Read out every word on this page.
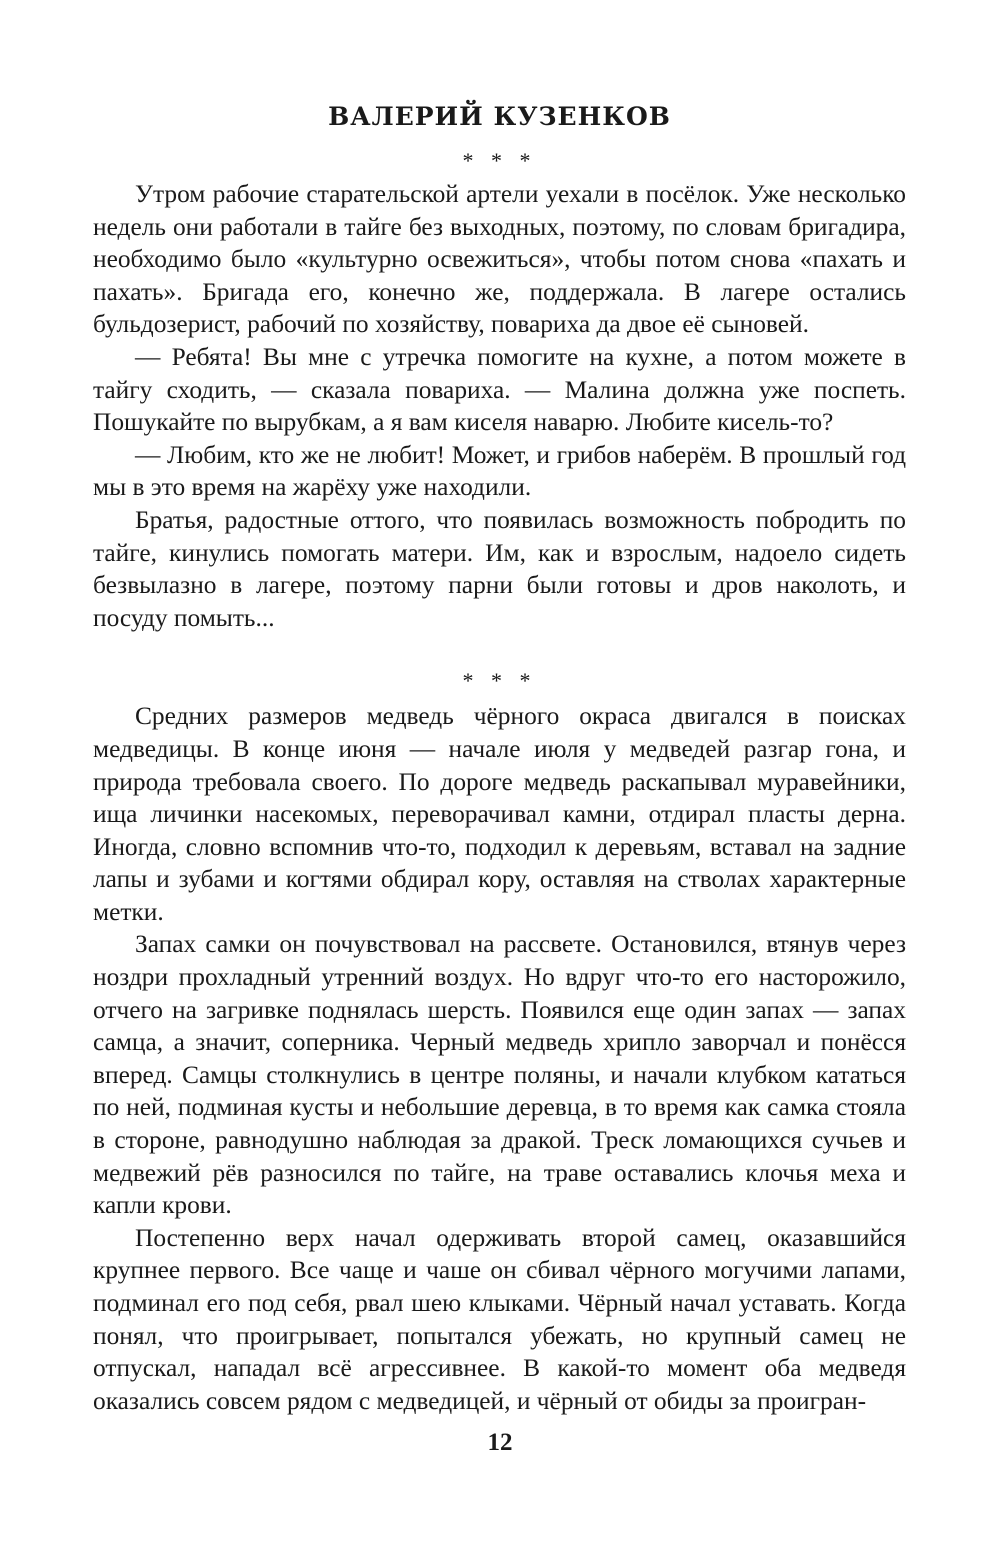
ВАЛЕРИЙ КУЗЕНКОВ
* * *

Утром рабочие старательской артели уехали в посёлок. Уже несколько недель они работали в тайге без выходных, поэтому, по словам бригадира, необходимо было «культурно освежиться», чтобы потом снова «пахать и пахать». Бригада его, конечно же, поддержала. В лагере остались бульдозерист, рабочий по хозяйству, повариха да двое её сыновей.

— Ребята! Вы мне с утречка помогите на кухне, а потом можете в тайгу сходить, — сказала повариха. — Малина должна уже поспеть. Пошукайте по вырубкам, а я вам киселя наварю. Любите кисель-то?

— Любим, кто же не любит! Может, и грибов наберём. В прошлый год мы в это время на жарёху уже находили.

Братья, радостные оттого, что появилась возможность побродить по тайге, кинулись помогать матери. Им, как и взрослым, надоело сидеть безвылазно в лагере, поэтому парни были готовы и дров наколоть, и посуду помыть...

* * *

Средних размеров медведь чёрного окраса двигался в поисках медведицы. В конце июня — начале июля у медведей разгар гона, и природа требовала своего. По дороге медведь раскапывал муравейники, ища личинки насекомых, переворачивал камни, отдирал пласты дерна. Иногда, словно вспомнив что-то, подходил к деревьям, вставал на задние лапы и зубами и когтями обдирал кору, оставляя на стволах характерные метки.

Запах самки он почувствовал на рассвете. Остановился, втянув через ноздри прохладный утренний воздух. Но вдруг что-то его насторожило, отчего на загривке поднялась шерсть. Появился еще один запах — запах самца, а значит, соперника. Черный медведь хрипло заворчал и понёсся вперед. Самцы столкнулись в центре поляны, и начали клубком кататься по ней, подминая кусты и небольшие деревца, в то время как самка стояла в стороне, равнодушно наблюдая за дракой. Треск ломающихся сучьев и медвежий рёв разносился по тайге, на траве оставались клочья меха и капли крови.

Постепенно верх начал одерживать второй самец, оказавшийся крупнее первого. Все чаще и чаше он сбивал чёрного могучими лапами, подминал его под себя, рвал шею клыками. Чёрный начал уставать. Когда понял, что проигрывает, попытался убежать, но крупный самец не отпускал, нападал всё агрессивнее. В какой-то момент оба медведя оказались совсем рядом с медведицей, и чёрный от обиды за проигран-

12
